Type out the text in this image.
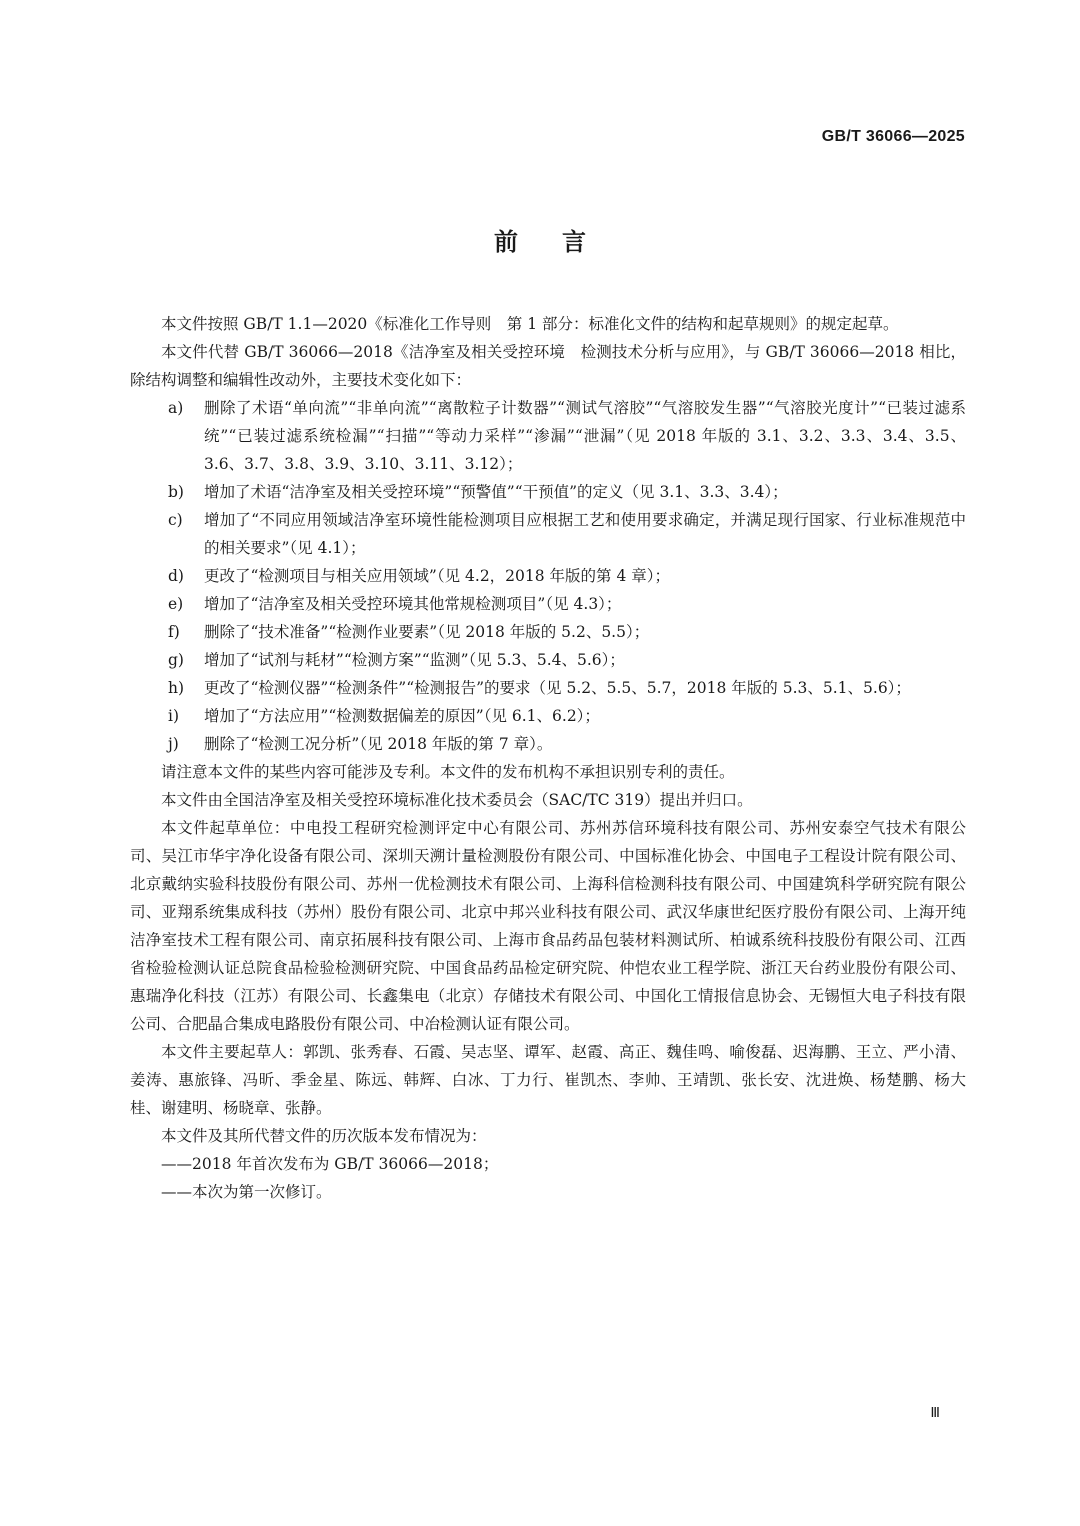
GB/T 36066—2025
前言

本文件按照 GB/T 1.1—2020《标准化工作导则　第 1 部分：标准化文件的结构和起草规则》的规定起草。

本文件代替 GB/T 36066—2018《洁净室及相关受控环境　检测技术分析与应用》，与 GB/T 36066—2018 相比，除结构调整和编辑性改动外，主要技术变化如下：

a)	删除了术语“单向流”“非单向流”“离散粒子计数器”“测试气溶胶”“气溶胶发生器”“气溶胶光度计”“已装过滤系统”“已装过滤系统检漏”“扫描”“等动力采样”“渗漏”“泄漏”（见 2018 年版的 3.1、3.2、3.3、3.4、3.5、3.6、3.7、3.8、3.9、3.10、3.11、3.12）；
b)	增加了术语“洁净室及相关受控环境”“预警值”“干预值”的定义（见 3.1、3.3、3.4）；
c)	增加了“不同应用领域洁净室环境性能检测项目应根据工艺和使用要求确定，并满足现行国家、行业标准规范中的相关要求”（见 4.1）；
d)	更改了“检测项目与相关应用领域”（见 4.2，2018 年版的第 4 章）；
e)	增加了“洁净室及相关受控环境其他常规检测项目”（见 4.3）；
f)	删除了“技术准备”“检测作业要素”（见 2018 年版的 5.2、5.5）；
g)	增加了“试剂与耗材”“检测方案”“监测”（见 5.3、5.4、5.6）；
h)	更改了“检测仪器”“检测条件”“检测报告”的要求（见 5.2、5.5、5.7，2018 年版的 5.3、5.1、5.6）；
i)	增加了“方法应用”“检测数据偏差的原因”（见 6.1、6.2）；
j)	删除了“检测工况分析”（见 2018 年版的第 7 章）。

请注意本文件的某些内容可能涉及专利。本文件的发布机构不承担识别专利的责任。

本文件由全国洁净室及相关受控环境标准化技术委员会（SAC/TC 319）提出并归口。

本文件起草单位：中电投工程研究检测评定中心有限公司、苏州苏信环境科技有限公司、苏州安泰空气技术有限公司、吴江市华宇净化设备有限公司、深圳天溯计量检测股份有限公司、中国标准化协会、中国电子工程设计院有限公司、北京戴纳实验科技股份有限公司、苏州一优检测技术有限公司、上海科信检测科技有限公司、中国建筑科学研究院有限公司、亚翔系统集成科技（苏州）股份有限公司、北京中邦兴业科技有限公司、武汉华康世纪医疗股份有限公司、上海开纯洁净室技术工程有限公司、南京拓展科技有限公司、上海市食品药品包装材料测试所、柏诚系统科技股份有限公司、江西省检验检测认证总院食品检验检测研究院、中国食品药品检定研究院、仲恺农业工程学院、浙江天台药业股份有限公司、惠瑞净化科技（江苏）有限公司、长鑫集电（北京）存储技术有限公司、中国化工情报信息协会、无锡恒大电子科技有限公司、合肥晶合集成电路股份有限公司、中冶检测认证有限公司。

本文件主要起草人：郭凯、张秀春、石霞、吴志坚、谭军、赵霞、高正、魏佳鸣、喻俊磊、迟海鹏、王立、严小清、姜涛、惠旅锋、冯昕、季金星、陈远、韩辉、白冰、丁力行、崔凯杰、李帅、王靖凯、张长安、沈进焕、杨楚鹏、杨大桂、谢建明、杨晓章、张静。

本文件及其所代替文件的历次版本发布情况为：

——2018 年首次发布为 GB/T 36066—2018；

——本次为第一次修订。

Ⅲ
